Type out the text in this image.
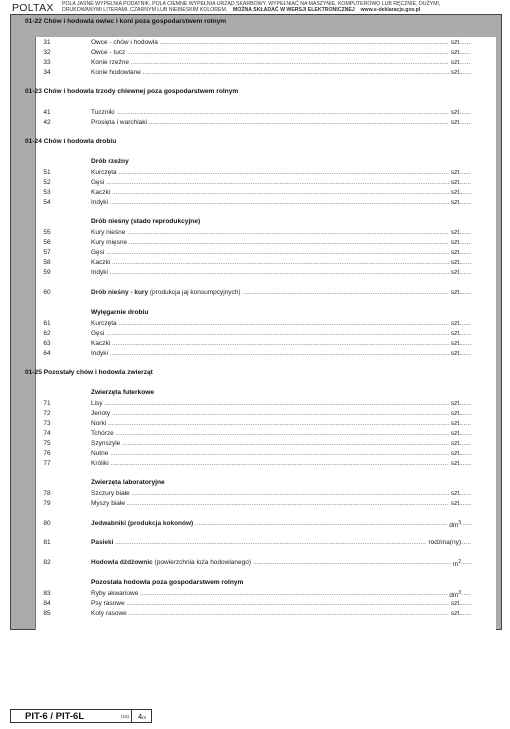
POLTAX POLA JASNE WYPEŁNIA PODATNIK, POLA CIEMNE WYPEŁNIA URZĄD SKARBOWY. WYPEŁNIAĆ NA MASZYNIE, KOMPUTEROWO LUB RĘCZNIE, DUŻYMI,
DRUKOWANYMI LITERAMI, CZARNYM LUB NIEBIESKIM KOLOREM. MOŻNA SKŁADAĆ W WERSJI ELEKTRONICZNEJ www.e-deklaracje.gov.pl
01-22 Chów i hodowla owiec i koni poza gospodarstwem rolnym
31	Owce - chów i hodowla .....	szt.
32	Owce - tucz .....	szt.
33	Konie rzeźne .....	szt.
34	Konie hodowlane .....	szt.
01-23 Chów i hodowla trzody chlewnej poza gospodarstwem rolnym
41	Tuczniki .....	szt.
42	Prosięta i warchlaki .....	szt.
01-24 Chów i hodowla drobiu
Drób rzeźny
51	Kurczęta .....	szt.
52	Gęsi .....	szt.
53	Kaczki .....	szt.
54	Indyki .....	szt.
Drób nieśny (stado reprodukcyjne)
55	Kury nieśne .....	szt.
56	Kury mięsne .....	szt.
57	Gęsi .....	szt.
58	Kaczki .....	szt.
59	Indyki .....	szt.
60	Drób nieśny - kury (produkcja jaj konsumpcyjnych) .....	szt.
Wylęgarnie drobiu
61	Kurczęta .....	szt.
62	Gęsi .....	szt.
63	Kaczki .....	szt.
64	Indyki .....	szt.
01-25 Pozostały chów i hodowla zwierząt
Zwierzęta futerkowe
71	Lisy .....	szt.
72	Jenoty .....	szt.
73	Norki .....	szt.
74	Tchórze .....	szt.
75	Szynszyle .....	szt.
76	Nutrie .....	szt.
77	Króliki .....	szt.
Zwierzęta laboratoryjne
78	Szczury białe .....	szt.
79	Myszy białe .....	szt.
80	Jedwabniki (produkcja kokonów) .....	$dm^3$
81	Pasieki .....	rodzina(ny)
82	Hodowla dżdżownic (powierzchnia łoża hodowlanego) .....	$m^2$
Pozostała hodowla poza gospodarstwem rolnym
83	Ryby akwariowe .....	$dm^3$
84	Psy rasowe .....	szt.
85	Koty rasowe .....	szt.
PIT-6 / PIT-6L	(16) 4/4
